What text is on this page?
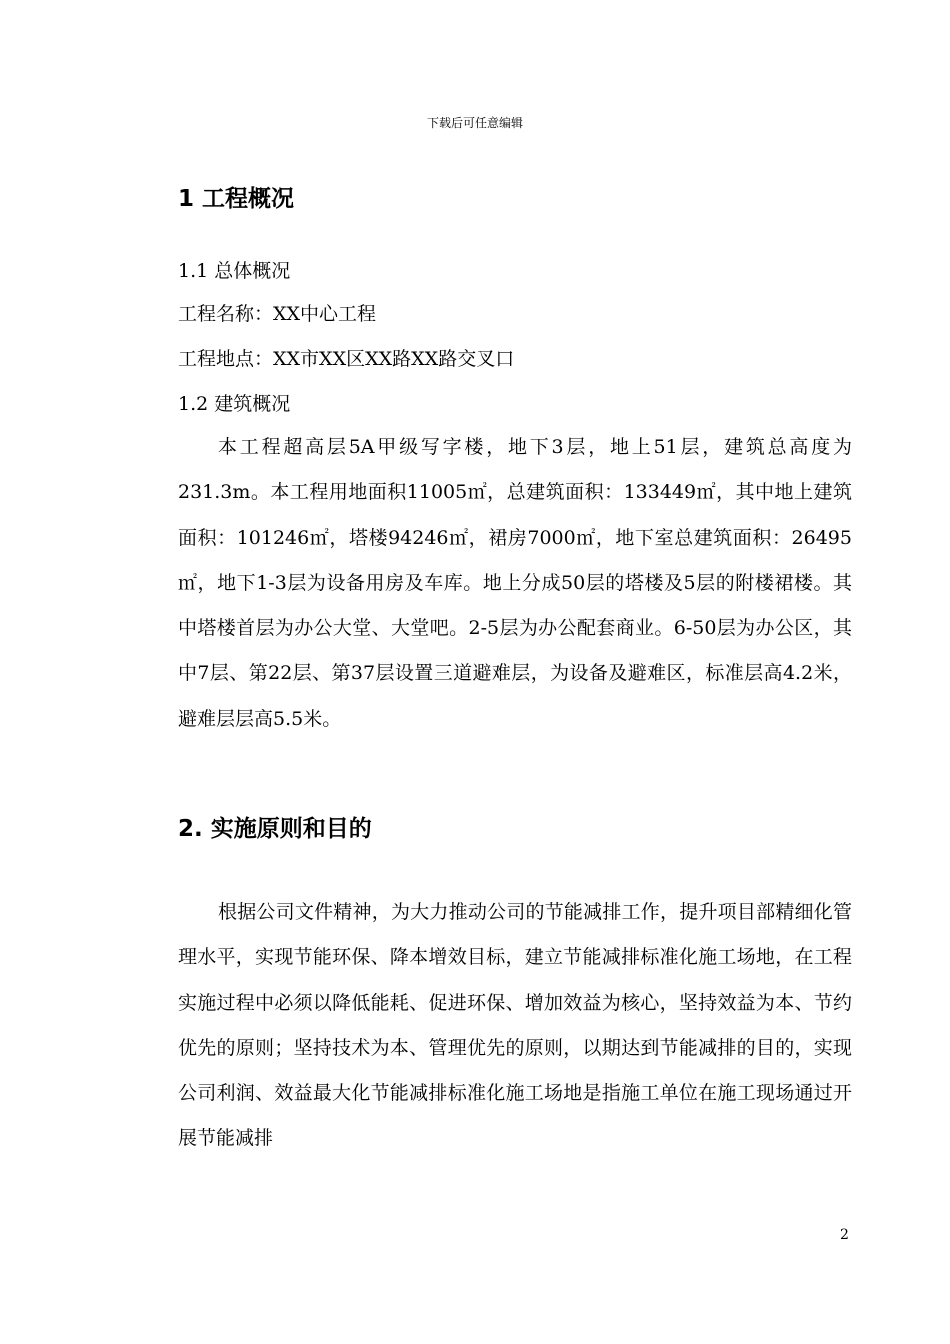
下载后可任意编辑
1 工程概况
1.1 总体概况
工程名称：XX中心工程
工程地点：XX市XX区XX路XX路交叉口
1.2 建筑概况

本工程超高层5A甲级写字楼，地下3层，地上51层，建筑总高度为231.3m。本工程用地面积11005㎡，总建筑面积：133449㎡，其中地上建筑面积：101246㎡，塔楼94246㎡，裙房7000㎡，地下室总建筑面积：26495㎡，地下1-3层为设备用房及车库。地上分成50层的塔楼及5层的附楼裙楼。其中塔楼首层为办公大堂、大堂吧。2-5层为办公配套商业。6-50层为办公区，其中7层、第22层、第37层设置三道避难层，为设备及避难区，标准层高4.2米，避难层层高5.5米。

2. 实施原则和目的

根据公司文件精神，为大力推动公司的节能减排工作，提升项目部精细化管理水平，实现节能环保、降本增效目标，建立节能减排标准化施工场地，在工程实施过程中必须以降低能耗、促进环保、增加效益为核心，坚持效益为本、节约优先的原则；坚持技术为本、管理优先的原则，以期达到节能减排的目的，实现公司利润、效益最大化节能减排标准化施工场地是指施工单位在施工现场通过开展节能减排

2
